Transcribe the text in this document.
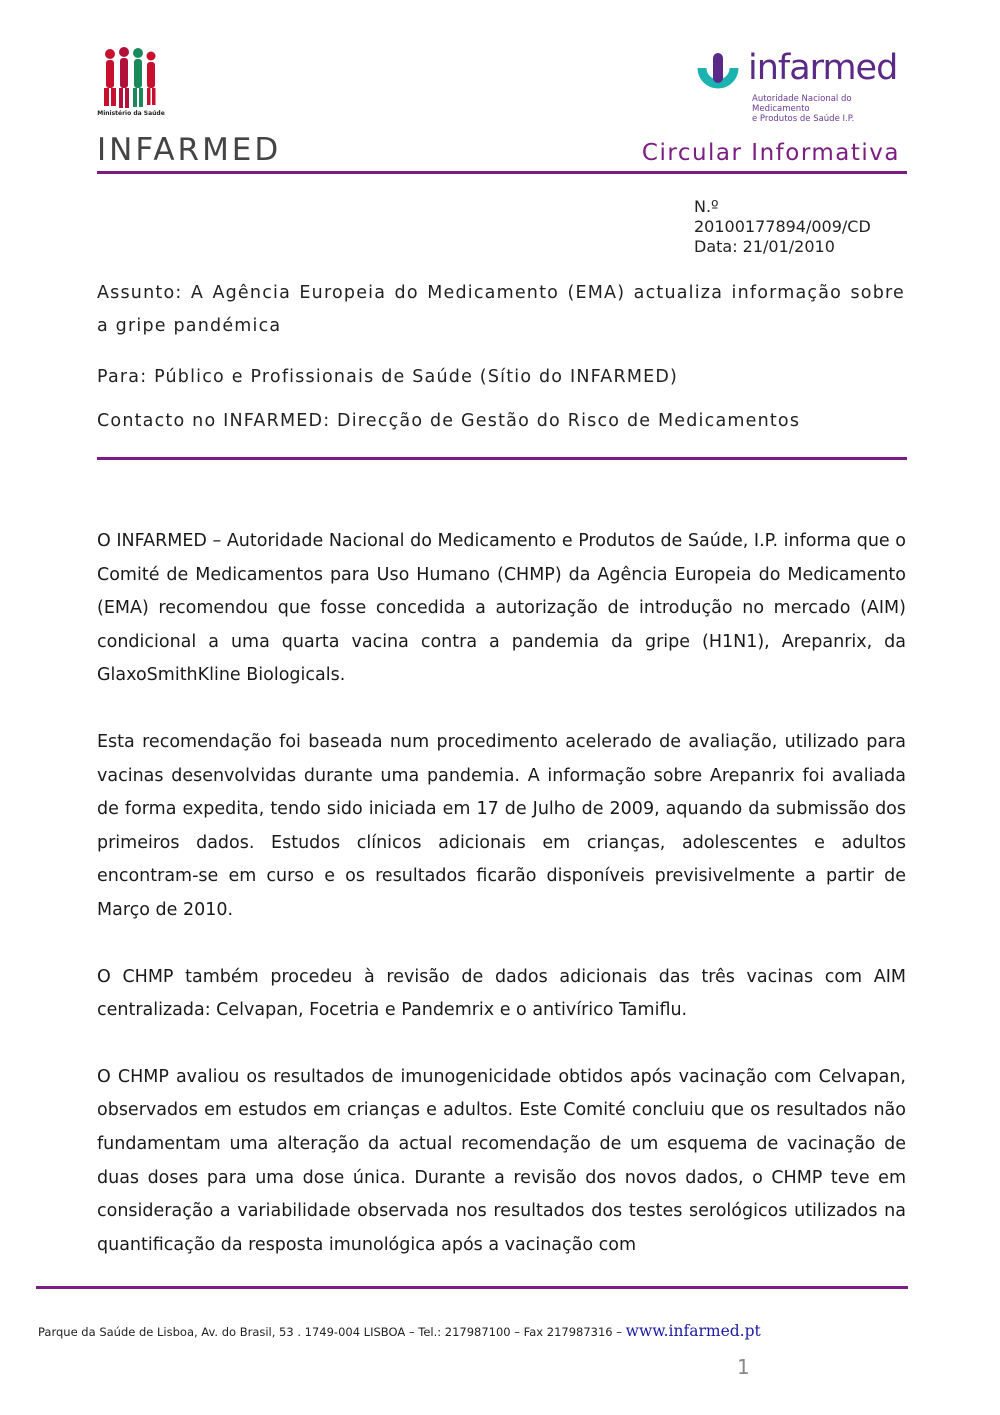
Ministério da Saúde
infarmed
Autoridade Nacional do Medicamento
e Produtos de Saúde I.P.
INFARMED	Circular Informativa
N.º
20100177894/009/CD
Data: 21/01/2010
Assunto: A Agência Europeia do Medicamento (EMA) actualiza informação sobre a gripe pandémica
Para: Público e Profissionais de Saúde (Sítio do INFARMED)
Contacto no INFARMED: Direcção de Gestão do Risco de Medicamentos

O INFARMED – Autoridade Nacional do Medicamento e Produtos de Saúde, I.P. informa que o Comité de Medicamentos para Uso Humano (CHMP) da Agência Europeia do Medicamento (EMA) recomendou que fosse concedida a autorização de introdução no mercado (AIM) condicional a uma quarta vacina contra a pandemia da gripe (H1N1), Arepanrix, da GlaxoSmithKline Biologicals.

Esta recomendação foi baseada num procedimento acelerado de avaliação, utilizado para vacinas desenvolvidas durante uma pandemia. A informação sobre Arepanrix foi avaliada de forma expedita, tendo sido iniciada em 17 de Julho de 2009, aquando da submissão dos primeiros dados. Estudos clínicos adicionais em crianças, adolescentes e adultos encontram-se em curso e os resultados ficarão disponíveis previsivelmente a partir de Março de 2010.

O CHMP também procedeu à revisão de dados adicionais das três vacinas com AIM centralizada: Celvapan, Focetria e Pandemrix e o antivírico Tamiflu.

O CHMP avaliou os resultados de imunogenicidade obtidos após vacinação com Celvapan, observados em estudos em crianças e adultos. Este Comité concluiu que os resultados não fundamentam uma alteração da actual recomendação de um esquema de vacinação de duas doses para uma dose única. Durante a revisão dos novos dados, o CHMP teve em consideração a variabilidade observada nos resultados dos testes serológicos utilizados na quantificação da resposta imunológica após a vacinação com

Parque da Saúde de Lisboa, Av. do Brasil, 53 . 1749-004 LISBOA – Tel.: 217987100 – Fax 217987316 – www.infarmed.pt
1
